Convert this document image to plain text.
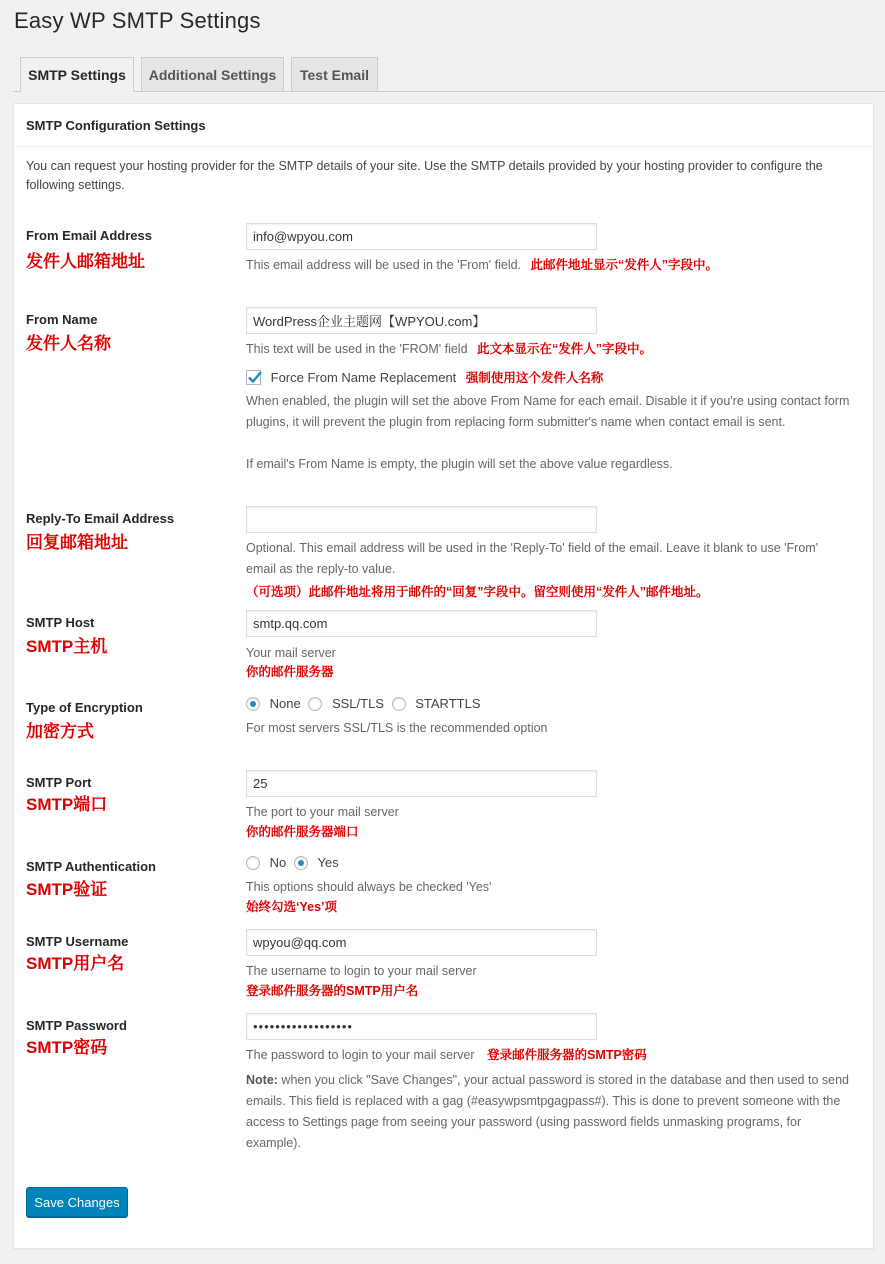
Easy WP SMTP Settings
SMTP Settings	Additional Settings	Test Email
SMTP Configuration Settings
You can request your hosting provider for the SMTP details of your site. Use the SMTP details provided by your hosting provider to configure the following settings.
From Email Address
发件人邮箱地址
info@wpyou.com	This email address will be used in the 'From' field. 此邮件地址显示“发件人”字段中。
From Name
发件人名称
WordPress企业主题网【WPYOU.com】	This text will be used in the 'FROM' field 此文本显示在“发件人”字段中。
Force From Name Replacement 强制使用这个发件人名称
When enabled, the plugin will set the above From Name for each email. Disable it if you're using contact form plugins, it will prevent the plugin from replacing form submitter's name when contact email is sent.
If email's From Name is empty, the plugin will set the above value regardless.
Reply-To Email Address
回复邮箱地址	Optional. This email address will be used in the 'Reply-To' field of the email. Leave it blank to use 'From' email as the reply-to value.
（可选项）此邮件地址将用于邮件的“回复”字段中。留空则使用“发件人”邮件地址。
SMTP Host
SMTP主机
smtp.qq.com	Your mail server
你的邮件服务器
Type of Encryption
加密方式
None SSL/TLS STARTTLS
For most servers SSL/TLS is the recommended option
SMTP Port
SMTP端口
25	The port to your mail server
你的邮件服务器端口
SMTP Authentication
SMTP验证
No Yes
This options should always be checked 'Yes'
始终勾选‘Yes’项
SMTP Username
SMTP用户名
wpyou@qq.com	The username to login to your mail server
登录邮件服务器的SMTP用户名
SMTP Password
SMTP密码
••••••••••••••••••	The password to login to your mail server 登录邮件服务器的SMTP密码
Note: when you click "Save Changes", your actual password is stored in the database and then used to send emails. This field is replaced with a gag (#easywpsmtpgagpass#). This is done to prevent someone with the access to Settings page from seeing your password (using password fields unmasking programs, for example).
Save Changes
